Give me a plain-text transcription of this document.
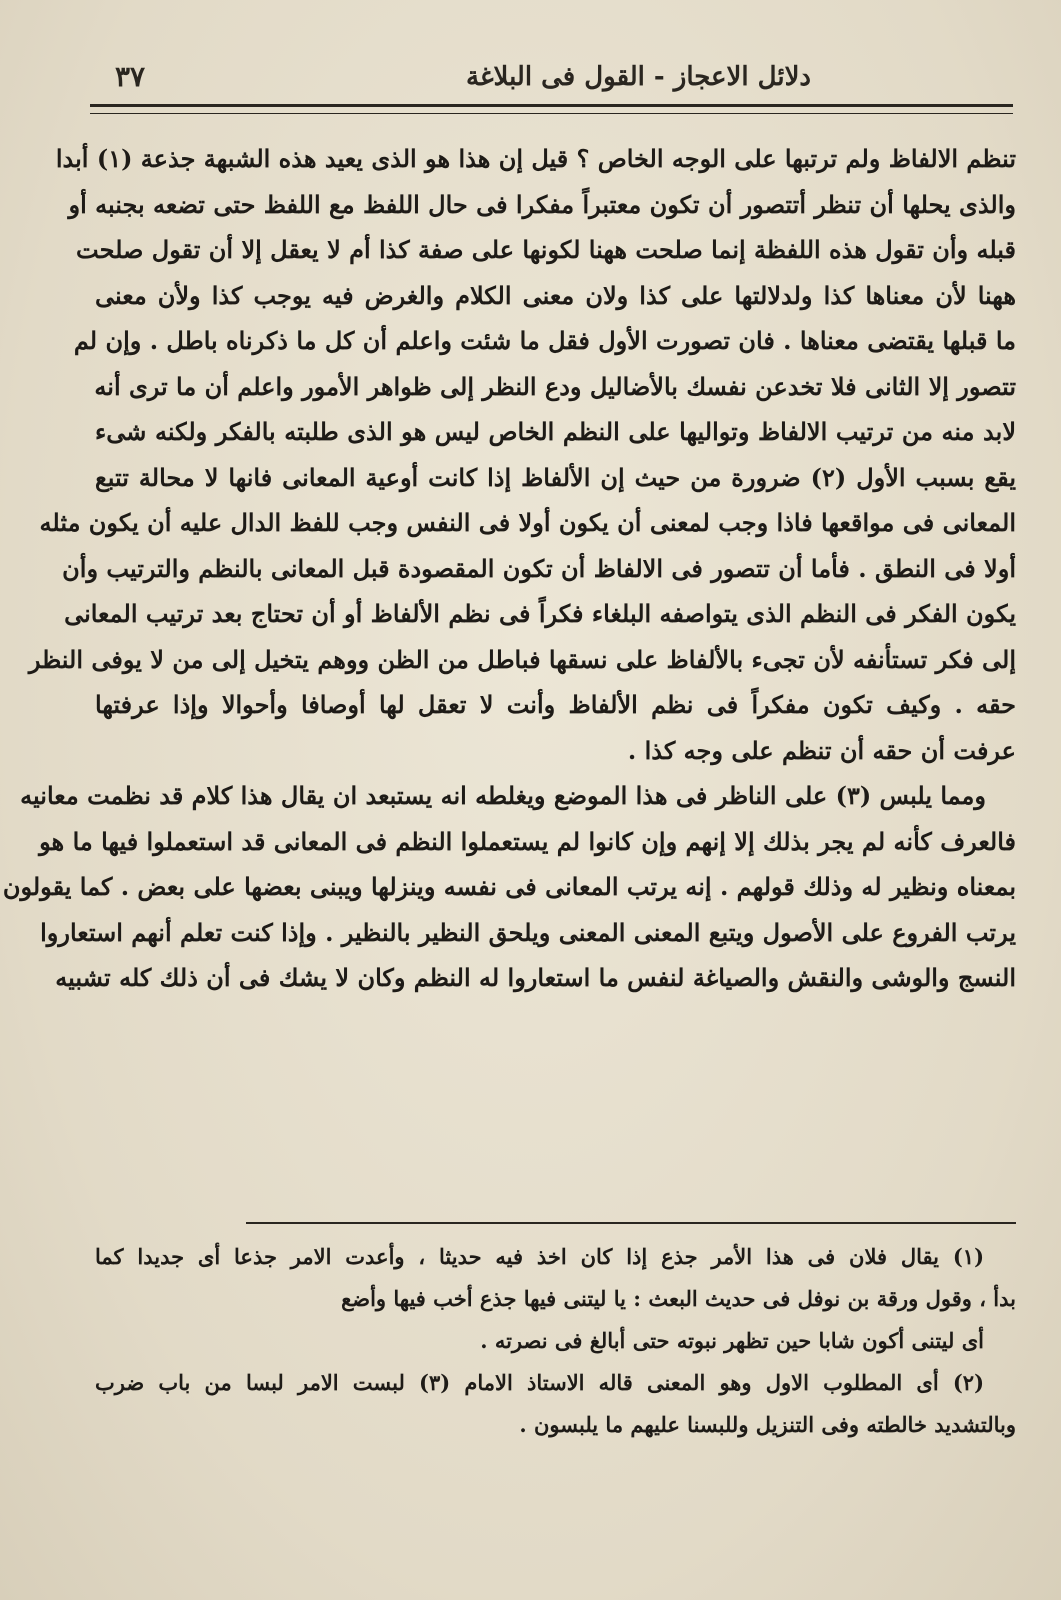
دلائل الاعجاز - القول فى البلاغة
٣٧
تنظم الالفاظ ولم ترتبها على الوجه الخاص ؟ قيل إن هذا هو الذى يعيد هذه الشبهة جذعة (١) أبدا
والذى يحلها أن تنظر أتتصور أن تكون معتبراً مفكرا فى حال اللفظ مع اللفظ حتى تضعه بجنبه أو
قبله وأن تقول هذه اللفظة إنما صلحت ههنا لكونها على صفة كذا أم لا يعقل إلا أن تقول صلحت
ههنا لأن معناها كذا ولدلالتها على كذا ولان معنى الكلام والغرض فيه يوجب كذا ولأن معنى
ما قبلها يقتضى معناها . فان تصورت الأول فقل ما شئت واعلم أن كل ما ذكرناه باطل . وإن لم
تتصور إلا الثانى فلا تخدعن نفسك بالأضاليل ودع النظر إلى ظواهر الأمور واعلم أن ما ترى أنه
لابد منه من ترتيب الالفاظ وتواليها على النظم الخاص ليس هو الذى طلبته بالفكر ولكنه شىء
يقع بسبب الأول (٢) ضرورة من حيث إن الألفاظ إذا كانت أوعية المعانى فانها لا محالة تتبع
المعانى فى مواقعها فاذا وجب لمعنى أن يكون أولا فى النفس وجب للفظ الدال عليه أن يكون مثله
أولا فى النطق . فأما أن تتصور فى الالفاظ أن تكون المقصودة قبل المعانى بالنظم والترتيب وأن
يكون الفكر فى النظم الذى يتواصفه البلغاء فكراً فى نظم الألفاظ أو أن تحتاج بعد ترتيب المعانى
إلى فكر تستأنفه لأن تجىء بالألفاظ على نسقها فباطل من الظن ووهم يتخيل إلى من لا يوفى النظر
حقه . وكيف تكون مفكراً فى نظم الألفاظ وأنت لا تعقل لها أوصافا وأحوالا وإذا عرفتها
عرفت أن حقه أن تنظم على وجه كذا .
ومما يلبس (٣) على الناظر فى هذا الموضع ويغلطه انه يستبعد ان يقال هذا كلام قد نظمت معانيه
فالعرف كأنه لم يجر بذلك إلا إنهم وإن كانوا لم يستعملوا النظم فى المعانى قد استعملوا فيها ما هو
بمعناه ونظير له وذلك قولهم . إنه يرتب المعانى فى نفسه وينزلها ويبنى بعضها على بعض . كما يقولون
يرتب الفروع على الأصول ويتبع المعنى المعنى ويلحق النظير بالنظير . وإذا كنت تعلم أنهم استعاروا
النسج والوشى والنقش والصياغة لنفس ما استعاروا له النظم وكان لا يشك فى أن ذلك كله تشبيه
(١) يقال فلان فى هذا الأمر جذع إذا كان اخذ فيه حديثا ، وأعدت الامر جذعا أى جديدا كما
بدأ ، وقول ورقة بن نوفل فى حديث البعث : يا ليتنى فيها جذع أخب فيها وأضع
أى ليتنى أكون شابا حين تظهر نبوته حتى أبالغ فى نصرته .
(٢) أى المطلوب الاول وهو المعنى قاله الاستاذ الامام (٣) لبست الامر لبسا من باب ضرب
وبالتشديد خالطته وفى التنزيل وللبسنا عليهم ما يلبسون .
